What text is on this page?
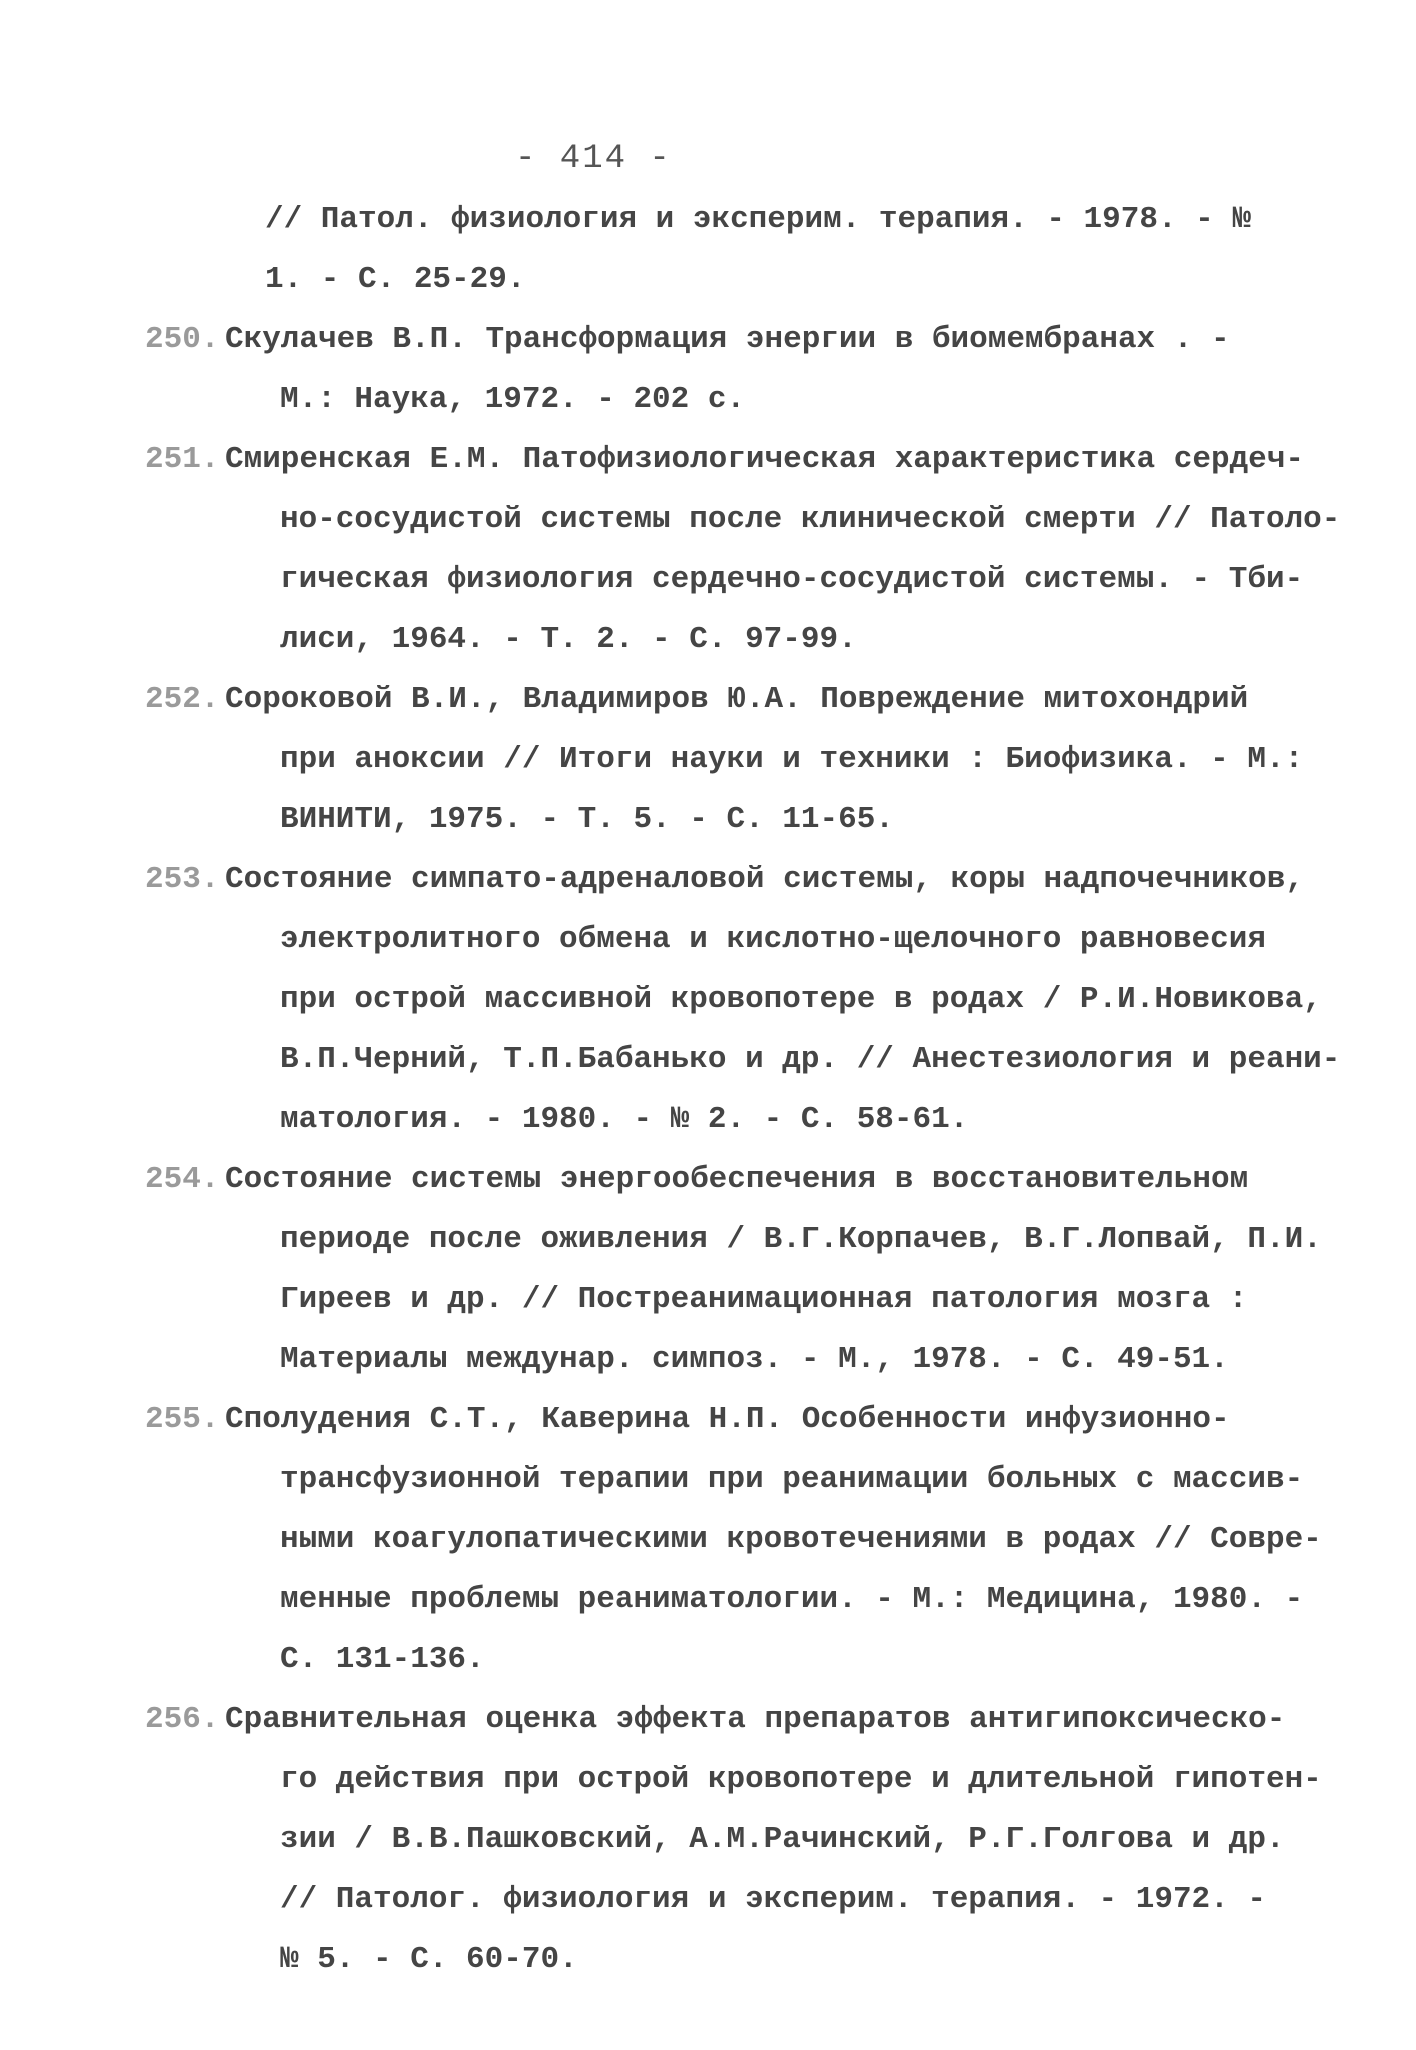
- 414 -
// Патол. физиология и эксперим. терапия. - 1978. - №
1. - С. 25-29.
250. Скулачев В.П. Трансформация энергии в биомембранах . -
М.: Наука, 1972. - 202 с.
251. Смиренская Е.М. Патофизиологическая характеристика сердеч-
но-сосудистой системы после клинической смерти // Патоло-
гическая физиология сердечно-сосудистой системы. - Тби-
лиси, 1964. - Т. 2. - С. 97-99.
252. Сороковой В.И., Владимиров Ю.А. Повреждение митохондрий
при аноксии // Итоги науки и техники : Биофизика. - М.:
ВИНИТИ, 1975. - Т. 5. - С. 11-65.
253. Состояние симпато-адреналовой системы, коры надпочечников,
электролитного обмена и кислотно-щелочного равновесия
при острой массивной кровопотере в родах / Р.И.Новикова,
В.П.Черний, Т.П.Бабанько и др. // Анестезиология и реани-
матология. - 1980. - № 2. - С. 58-61.
254. Состояние системы энергообеспечения в восстановительном
периоде после оживления / В.Г.Корпачев, В.Г.Лопвай, П.И.
Гиреев и др. // Постреанимационная патология мозга :
Материалы междунар. симпоз. - М., 1978. - С. 49-51.
255. Сполудения С.Т., Каверина Н.П. Особенности инфузионно-
трансфузионной терапии при реанимации больных с массив-
ными коагулопатическими кровотечениями в родах // Совре-
менные проблемы реаниматологии. - М.: Медицина, 1980. -
С. 131-136.
256. Сравнительная оценка эффекта препаратов антигипоксическо-
го действия при острой кровопотере и длительной гипотен-
зии / В.В.Пашковский, А.М.Рачинский, Р.Г.Голгова и др.
// Патолог. физиология и эксперим. терапия. - 1972. -
№ 5. - С. 60-70.
